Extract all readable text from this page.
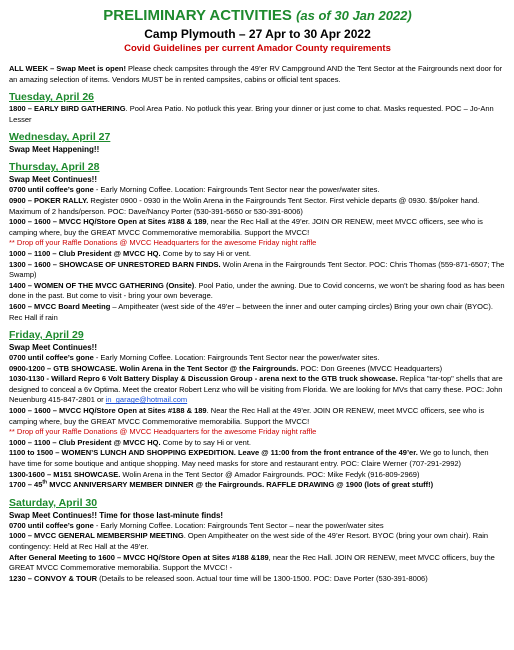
PRELIMINARY ACTIVITIES (as of 30 Jan 2022)
Camp Plymouth – 27 Apr to 30 Apr 2022
Covid Guidelines per current Amador County requirements
ALL WEEK – Swap Meet is open! Please check campsites through the 49’er RV Campground AND the Tent Sector at the Fairgrounds next door for an amazing selection of items. Vendors MUST be in rented campsites, cabins or official tent spaces.
Tuesday, April 26
1800 – EARLY BIRD GATHERING. Pool Area Patio. No potluck this year. Bring your dinner or just come to chat. Masks requested. POC – Jo-Ann Lesser
Wednesday, April 27
Swap Meet Happening!!
Thursday, April 28
Swap Meet Continues!!
0700 until coffee’s gone - Early Morning Coffee. Location: Fairgrounds Tent Sector near the power/water sites.
0900 – POKER RALLY. Register 0900 - 0930 in the Wolin Arena in the Fairgrounds Tent Sector. First vehicle departs @ 0930. $5/poker hand. Maximum of 2 hands/person. POC: Dave/Nancy Porter (530-391-5650 or 530-391-8006)
1000 – 1600 – MVCC HQ/Store Open at Sites #188 & 189, near the Rec Hall at the 49’er. JOIN OR RENEW, meet MVCC officers, see who is camping where, buy the GREAT MVCC Commemorative memorabilia. Support the MVCC!
** Drop off your Raffle Donations @ MVCC Headquarters for the awesome Friday night raffle
1000 – 1100 – Club President @ MVCC HQ. Come by to say Hi or vent.
1300 – 1600 – SHOWCASE OF UNRESTORED BARN FINDS. Wolin Arena in the Fairgrounds Tent Sector. POC: Chris Thomas (559-871-6507; The Swamp)
1400 – WOMEN OF THE MVCC GATHERING (Onsite). Pool Patio, under the awning. Due to Covid concerns, we won’t be sharing food as has been done in the past. But come to visit - bring your own beverage.
1600 – MVCC Board Meeting – Ampitheater (west side of the 49’er – between the inner and outer camping circles) Bring your own chair (BYOC). Rec Hall if rain
Friday, April 29
Swap Meet Continues!!
0700 until coffee’s gone - Early Morning Coffee. Location: Fairgrounds Tent Sector near the power/water sites.
0900-1200 – GTB SHOWCASE. Wolin Arena in the Tent Sector @ the Fairgrounds. POC: Don Greenes (MVCC Headquarters)
1030-1130 - Willard Repro 6 Volt Battery Display & Discussion Group - arena next to the GTB truck showcase. Replica "tar-top" shells that are designed to conceal a 6v Optima. Meet the creator Robert Lenz who will be visiting from Florida. We are looking for MVs that carry these. POC: John Neuenburg 415-847-2801 or in_garage@hotmail.com
1000 – 1600 – MVCC HQ/Store Open at Sites #188 & 189. Near the Rec Hall at the 49’er. JOIN OR RENEW, meet MVCC officers, see who is camping where, buy the GREAT MVCC Commemorative memorabilia. Support the MVCC!
** Drop off your Raffle Donations @ MVCC Headquarters for the awesome Friday night raffle
1000 – 1100 – Club President @ MVCC HQ. Come by to say Hi or vent.
1100 to 1500 – WOMEN’S LUNCH AND SHOPPING EXPEDITION. Leave @ 11:00 from the front entrance of the 49’er. We go to lunch, then have time for some boutique and antique shopping. May need masks for store and restaurant entry. POC: Claire Werner (707-291-2992)
1300-1600 – M151 SHOWCASE. Wolin Arena in the Tent Sector @ Amador Fairgrounds. POC: Mike Fedyk (916-809-2969)
1700 – 45th MVCC ANNIVERSARY MEMBER DINNER @ the Fairgrounds. RAFFLE DRAWING @ 1900 (lots of great stuff!)
Saturday, April 30
Swap Meet Continues!! Time for those last-minute finds!
0700 until coffee’s gone - Early Morning Coffee. Location: Fairgrounds Tent Sector – near the power/water sites
1000 – MVCC GENERAL MEMBERSHIP MEETING. Open Ampitheater on the west side of the 49’er Resort. BYOC (bring your own chair). Rain contingency: Held at Rec Hall at the 49’er.
After General Meeting to 1600 – MVCC HQ/Store Open at Sites #188 &189, near the Rec Hall. JOIN OR RENEW, meet MVCC officers, buy the GREAT MVCC Commemorative memorabilia. Support the MVCC! -
1230 – CONVOY & TOUR (Details to be released soon. Actual tour time will be 1300-1500. POC: Dave Porter (530-391-8006)
